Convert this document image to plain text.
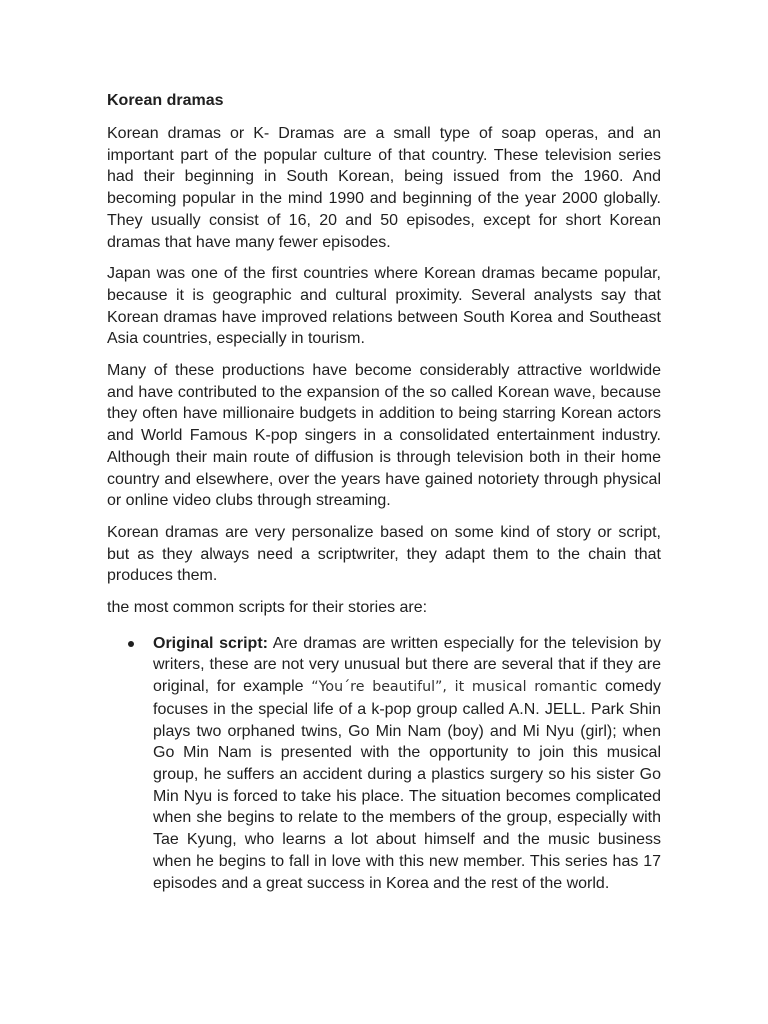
Korean dramas

Korean dramas or K- Dramas are a small type of soap operas, and an important part of the popular culture of that country. These television series had their beginning in South Korean, being issued from the 1960. And becoming popular in the mind 1990 and beginning of the year 2000 globally. They usually consist of 16, 20 and 50 episodes, except for short Korean dramas that have many fewer episodes.

Japan was one of the first countries where Korean dramas became popular, because it is geographic and cultural proximity. Several analysts say that Korean dramas have improved relations between South Korea and Southeast Asia countries, especially in tourism.

Many of these productions have become considerably attractive worldwide and have contributed to the expansion of the so called Korean wave, because they often have millionaire budgets in addition to being starring Korean actors and World Famous K-pop singers in a consolidated entertainment industry. Although their main route of diffusion is through television both in their home country and elsewhere, over the years have gained notoriety through physical or online video clubs through streaming.

Korean dramas are very personalize based on some kind of story or script, but as they always need a scriptwriter, they adapt them to the chain that produces them.

the most common scripts for their stories are:

Original script: Are dramas are written especially for the television by writers, these are not very unusual but there are several that if they are original, for example “You´re beautiful”, it musical romantic comedy focuses in the special life of a k-pop group called A.N. JELL. Park Shin plays two orphaned twins, Go Min Nam (boy) and Mi Nyu (girl); when Go Min Nam is presented with the opportunity to join this musical group, he suffers an accident during a plastics surgery so his sister Go Min Nyu is forced to take his place. The situation becomes complicated when she begins to relate to the members of the group, especially with Tae Kyung, who learns a lot about himself and the music business when he begins to fall in love with this new member. This series has 17 episodes and a great success in Korea and the rest of the world.
